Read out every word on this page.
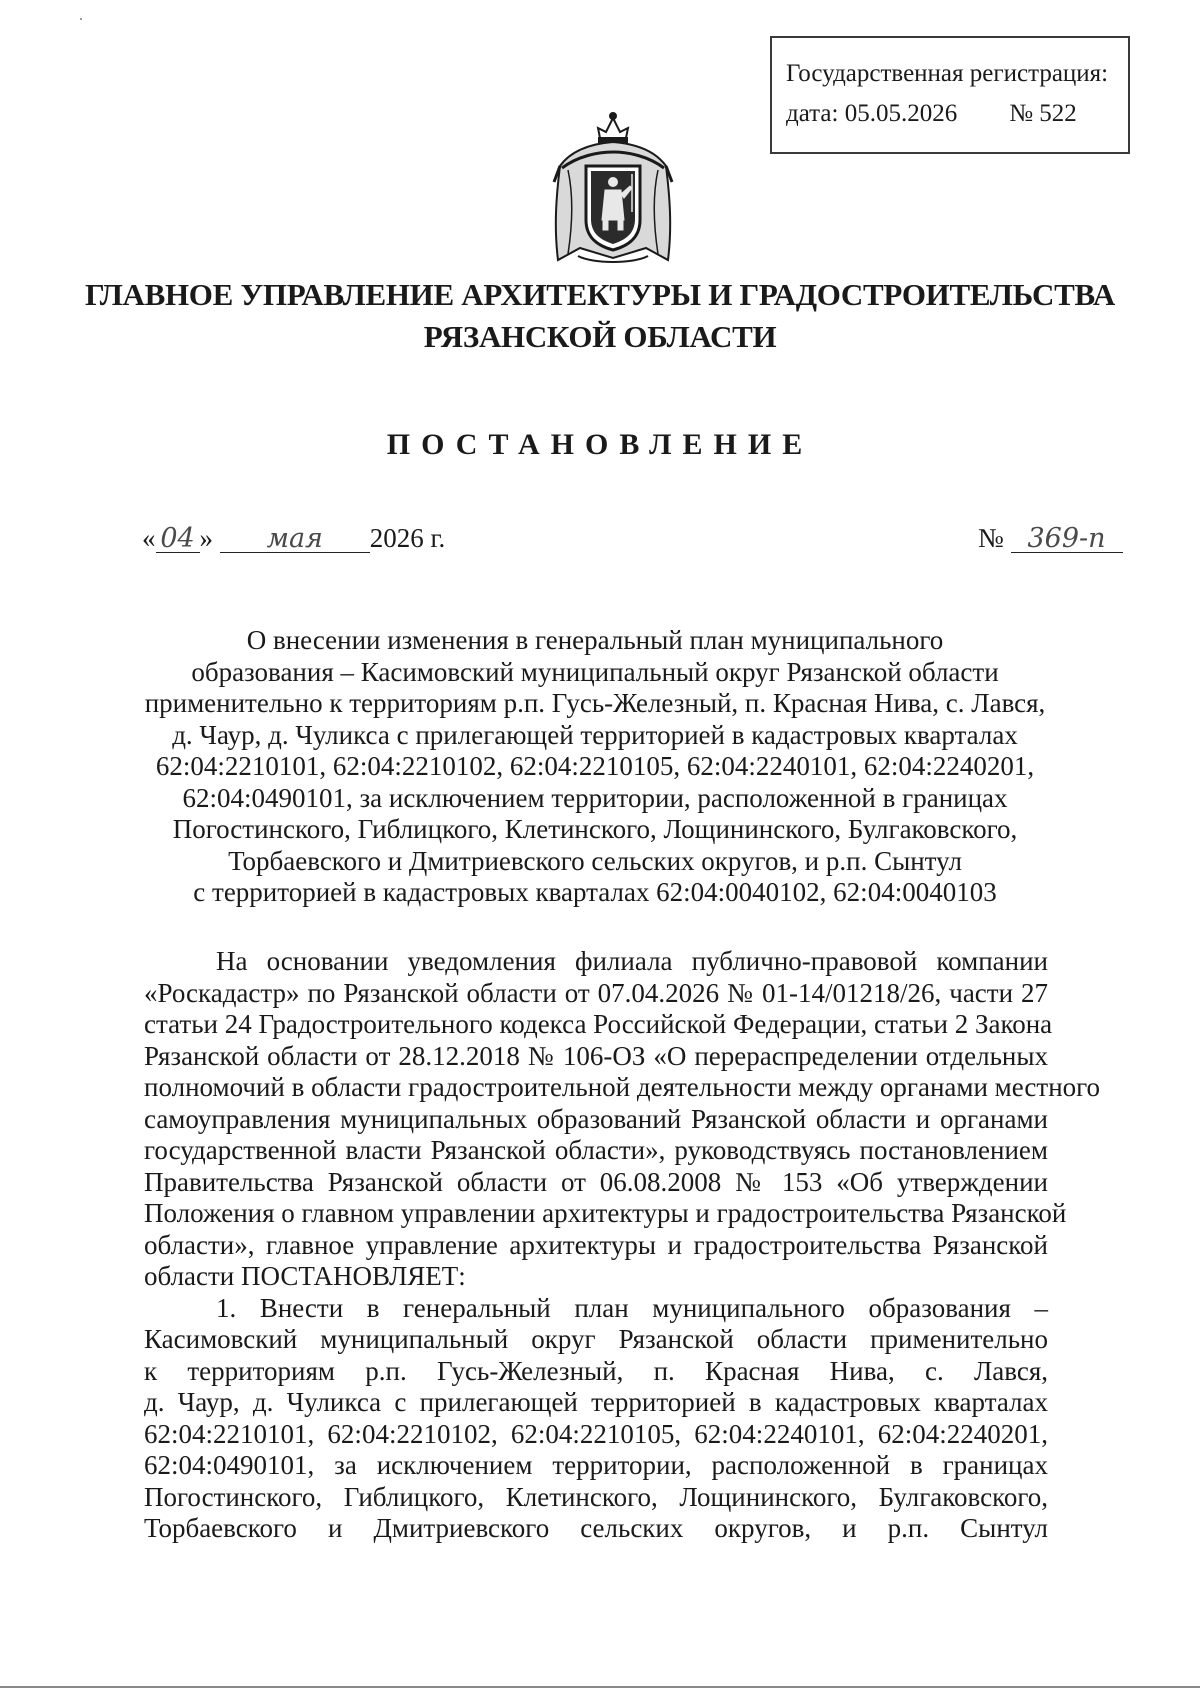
Государственная регистрация:
дата: 05.05.2026 № 522
ГЛАВНОЕ УПРАВЛЕНИЕ АРХИТЕКТУРЫ И ГРАДОСТРОИТЕЛЬСТВА
РЯЗАНСКОЙ ОБЛАСТИ
ПОСТАНОВЛЕНИЕ
« 04 » мая 2026 г.	№ 369-п
О внесении изменения в генеральный план муниципального
образования – Касимовский муниципальный округ Рязанской области
применительно к территориям р.п. Гусь-Железный, п. Красная Нива, с. Лався,
д. Чаур, д. Чуликса с прилегающей территорией в кадастровых кварталах
62:04:2210101, 62:04:2210102, 62:04:2210105, 62:04:2240101, 62:04:2240201,
62:04:0490101, за исключением территории, расположенной в границах
Погостинского, Гиблицкого, Клетинского, Лощининского, Булгаковского,
Торбаевского и Дмитриевского сельских округов, и р.п. Сынтул
с территорией в кадастровых кварталах 62:04:0040102, 62:04:0040103
На основании уведомления филиала публично-правовой компании
«Роскадастр» по Рязанской области от 07.04.2026 № 01-14/01218/26, части 27
статьи 24 Градостроительного кодекса Российской Федерации, статьи 2 Закона
Рязанской области от 28.12.2018 № 106-ОЗ «О перераспределении отдельных
полномочий в области градостроительной деятельности между органами местного
самоуправления муниципальных образований Рязанской области и органами
государственной власти Рязанской области», руководствуясь постановлением
Правительства Рязанской области от 06.08.2008 № 153 «Об утверждении
Положения о главном управлении архитектуры и градостроительства Рязанской
области», главное управление архитектуры и градостроительства Рязанской
области ПОСТАНОВЛЯЕТ:
1. Внести в генеральный план муниципального образования –
Касимовский муниципальный округ Рязанской области применительно
к территориям р.п. Гусь-Железный, п. Красная Нива, с. Лався,
д. Чаур, д. Чуликса с прилегающей территорией в кадастровых кварталах
62:04:2210101, 62:04:2210102, 62:04:2210105, 62:04:2240101, 62:04:2240201,
62:04:0490101, за исключением территории, расположенной в границах
Погостинского, Гиблицкого, Клетинского, Лощининского, Булгаковского,
Торбаевского и Дмитриевского сельских округов, и р.п. Сынтул
